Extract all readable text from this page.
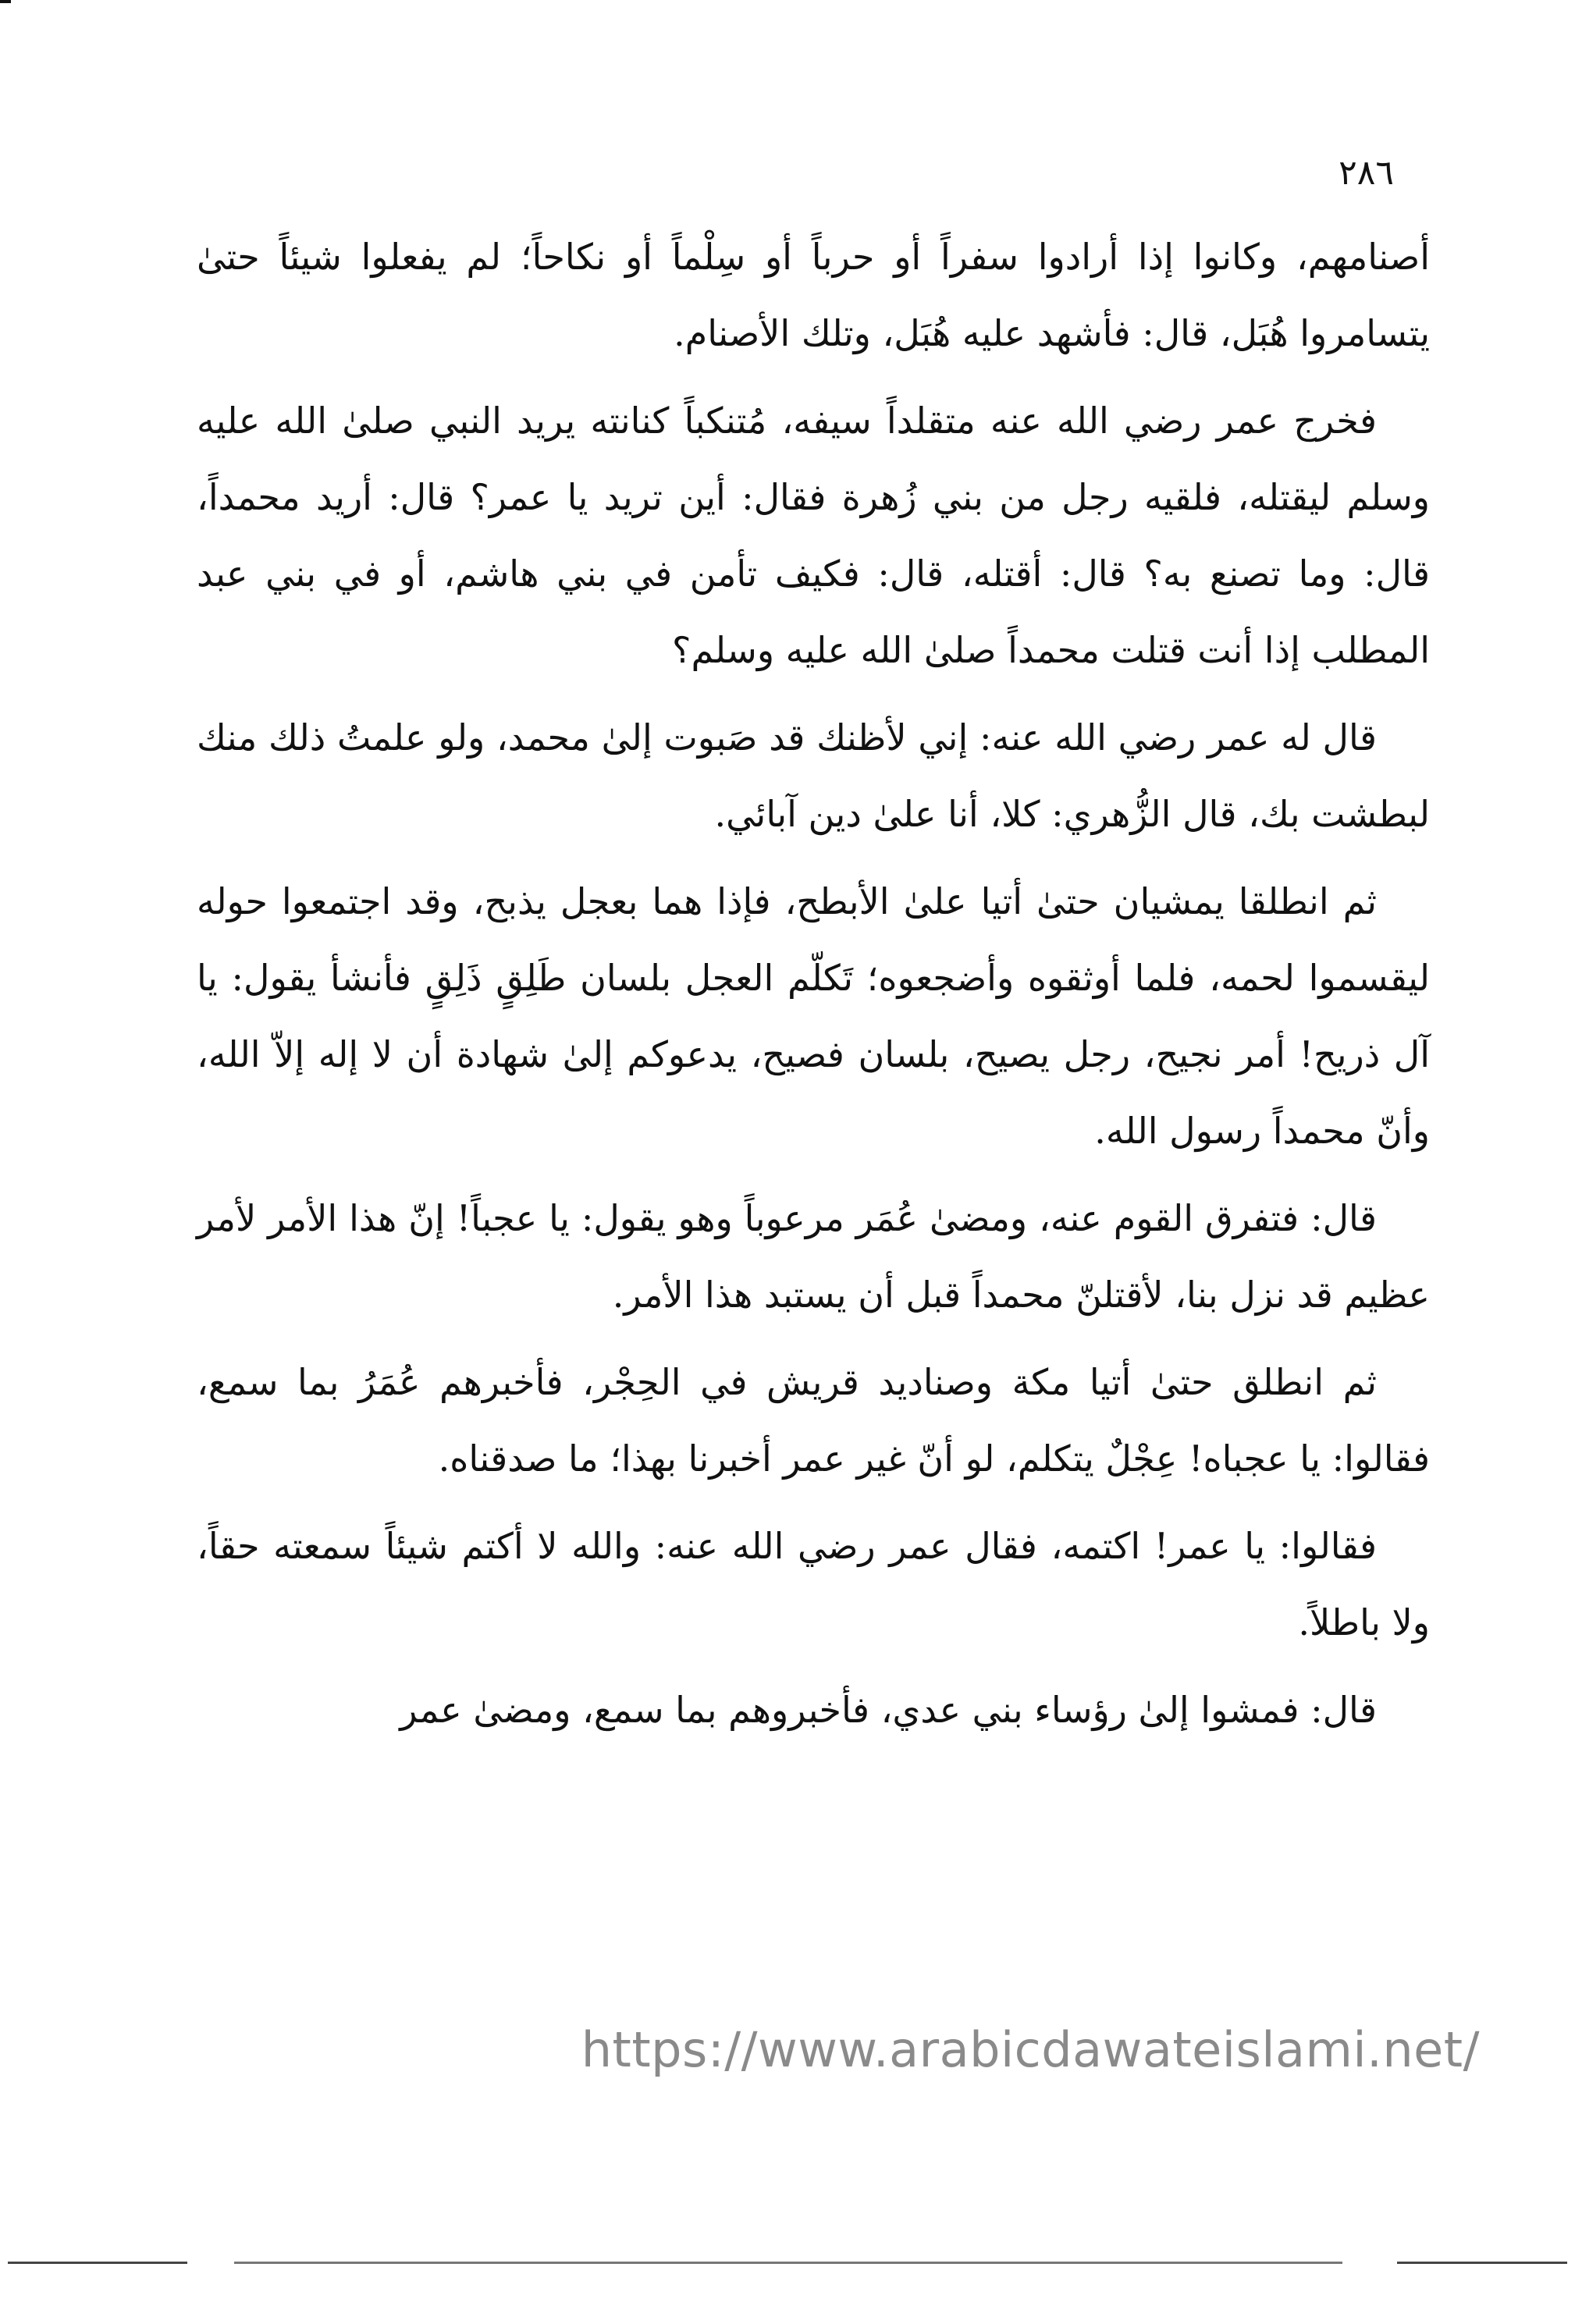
٢٨٦

أصنامهم، وكانوا إذا أرادوا سفراً أو حرباً أو سِلْماً أو نكاحاً؛ لم يفعلوا شيئاً حتىٰ يتسامروا هُبَل، قال: فأشهد عليه هُبَل، وتلك الأصنام.

فخرج عمر رضي الله عنه متقلداً سيفه، مُتنكباً كنانته يريد النبي صلىٰ الله عليه وسلم ليقتله، فلقيه رجل من بني زُهرة فقال: أين تريد يا عمر؟ قال: أريد محمداً، قال: وما تصنع به؟ قال: أقتله، قال: فكيف تأمن في بني هاشم، أو في بني عبد المطلب إذا أنت قتلت محمداً صلىٰ الله عليه وسلم؟

قال له عمر رضي الله عنه: إني لأظنك قد صَبوت إلىٰ محمد، ولو علمتُ ذلك منك لبطشت بك، قال الزُّهري: كلا، أنا علىٰ دين آبائي.

ثم انطلقا يمشيان حتىٰ أتيا علىٰ الأبطح، فإذا هما بعجل يذبح، وقد اجتمعوا حوله ليقسموا لحمه، فلما أوثقوه وأضجعوه؛ تَكلّم العجل بلسان طَلِقٍ ذَلِقٍ فأنشأ يقول: يا آل ذريح! أمر نجيح، رجل يصيح، بلسان فصيح، يدعوكم إلىٰ شهادة أن لا إله إلاّ الله، وأنّ محمداً رسول الله.

قال: فتفرق القوم عنه، ومضىٰ عُمَر مرعوباً وهو يقول: يا عجباً! إنّ هذا الأمر لأمر عظيم قد نزل بنا، لأقتلنّ محمداً قبل أن يستبد هذا الأمر.

ثم انطلق حتىٰ أتيا مكة وصناديد قريش في الحِجْر، فأخبرهم عُمَرُ بما سمع، فقالوا: يا عجباه! عِجْلٌ يتكلم، لو أنّ غير عمر أخبرنا بهذا؛ ما صدقناه.

فقالوا: يا عمر! اكتمه، فقال عمر رضي الله عنه: والله لا أكتم شيئاً سمعته حقاً، ولا باطلاً.

قال: فمشوا إلىٰ رؤساء بني عدي، فأخبروهم بما سمع، ومضىٰ عمر

https://www.arabicdawateislami.net/
